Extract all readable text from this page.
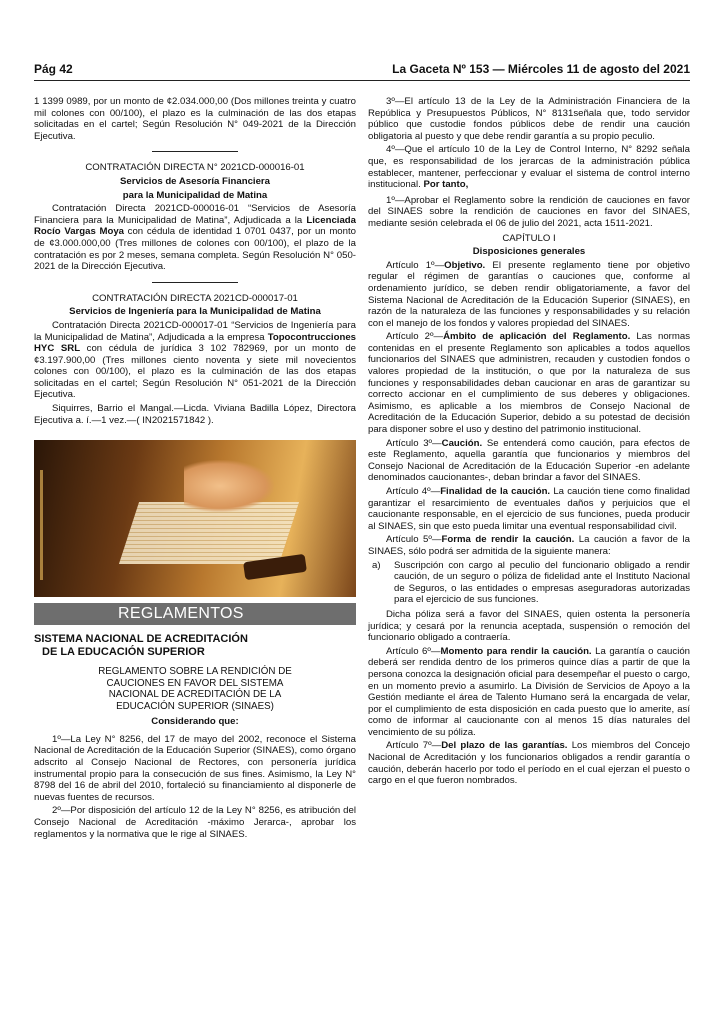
Pág 42	La Gaceta Nº 153 — Miércoles 11 de agosto del 2021

1 1399 0989, por un monto de ¢2.034.000,00 (Dos millones treinta y cuatro mil colones con 00/100), el plazo es la culminación de las dos etapas solicitadas en el cartel; Según Resolución N° 049-2021 de la Dirección Ejecutiva.

CONTRATACIÓN DIRECTA N° 2021CD-000016-01

Servicios de Asesoría Financiera

para la Municipalidad de Matina

Contratación Directa 2021CD-000016-01 “Servicios de Asesoría Financiera para la Municipalidad de Matina”, Adjudicada a la Licenciada Rocío Vargas Moya con cédula de identidad 1 0701 0437, por un monto de ¢3.000.000,00 (Tres millones de colones con 00/100), el plazo de la contratación es por 2 meses, semana completa. Según Resolución N° 050-2021 de la Dirección Ejecutiva.

CONTRATACIÓN DIRECTA 2021CD-000017-01

Servicios de Ingeniería para la Municipalidad de Matina

Contratación Directa 2021CD-000017-01 “Servicios de Ingeniería para la Municipalidad de Matina”, Adjudicada a la empresa Topocontrucciones HYC SRL con cédula de jurídica 3 102 782969, por un monto de ¢3.197.900,00 (Tres millones ciento noventa y siete mil novecientos colones con 00/100), el plazo es la culminación de las dos etapas solicitadas en el cartel; Según Resolución N° 051-2021 de la Dirección Ejecutiva.

Siquirres, Barrio el Mangal.—Licda. Viviana Badilla López, Directora Ejecutiva a. í.—1 vez.—( IN2021571842 ).

REGLAMENTOS
SISTEMA NACIONAL DE ACREDITACIÓN
DE LA EDUCACIÓN SUPERIOR
REGLAMENTO SOBRE LA RENDICIÓN DE CAUCIONES EN FAVOR DEL SISTEMA NACIONAL DE ACREDITACIÓN DE LA EDUCACIÓN SUPERIOR (SINAES)

Considerando que:

1º—La Ley N° 8256, del 17 de mayo del 2002, reconoce el Sistema Nacional de Acreditación de la Educación Superior (SINAES), como órgano adscrito al Consejo Nacional de Rectores, con personería jurídica instrumental propio para la consecución de sus fines. Asimismo, la Ley N° 8798 del 16 de abril del 2010, fortaleció su financiamiento al disponerle de nuevas fuentes de recursos.

2º—Por disposición del artículo 12 de la Ley N° 8256, es atribución del Consejo Nacional de Acreditación -máximo Jerarca-, aprobar los reglamentos y la normativa que le rige al SINAES.

3º—El artículo 13 de la Ley de la Administración Financiera de la República y Presupuestos Públicos, N° 8131señala que, todo servidor público que custodie fondos públicos debe de rendir una caución obligatoria al puesto y que debe rendir garantía a su propio peculio.

4º—Que el artículo 10 de la Ley de Control Interno, N° 8292 señala que, es responsabilidad de los jerarcas de la administración pública establecer, mantener, perfeccionar y evaluar el sistema de control interno institucional. Por tanto,

1º—Aprobar el Reglamento sobre la rendición de cauciones en favor del SINAES sobre la rendición de cauciones en favor del SINAES, mediante sesión celebrada el 06 de julio del 2021, acta 1511-2021.

CAPÍTULO I

Disposiciones generales

Artículo 1º—Objetivo. El presente reglamento tiene por objetivo regular el régimen de garantías o cauciones que, conforme al ordenamiento jurídico, se deben rendir obligatoriamente, a favor del Sistema Nacional de Acreditación de la Educación Superior (SINAES), en razón de la naturaleza de las funciones y responsabilidades y su relación con el manejo de los fondos y valores propiedad del SINAES.

Artículo 2º—Ámbito de aplicación del Reglamento. Las normas contenidas en el presente Reglamento son aplicables a todos aquellos funcionarios del SINAES que administren, recauden y custodien fondos o valores propiedad de la institución, o que por la naturaleza de sus funciones y responsabilidades deban caucionar en aras de garantizar su correcto accionar en el cumplimiento de sus deberes y obligaciones. Asimismo, es aplicable a los miembros de Consejo Nacional de Acreditación de la Educación Superior, debido a su potestad de decisión para disponer sobre el uso y destino del patrimonio institucional.

Artículo 3º—Caución. Se entenderá como caución, para efectos de este Reglamento, aquella garantía que funcionarios y miembros del Consejo Nacional de Acreditación de la Educación Superior -en adelante denominados caucionantes-, deban brindar a favor del SINAES.

Artículo 4º—Finalidad de la caución. La caución tiene como finalidad garantizar el resarcimiento de eventuales daños y perjuicios que el caucionante responsable, en el ejercicio de sus funciones, pueda producir al SINAES, sin que esto pueda limitar una eventual responsabilidad civil.

Artículo 5º—Forma de rendir la caución. La caución a favor de la SINAES, sólo podrá ser admitida de la siguiente manera:

a)	Suscripción con cargo al peculio del funcionario obligado a rendir caución, de un seguro o póliza de fidelidad ante el Instituto Nacional de Seguros, o las entidades o empresas aseguradoras autorizadas para el ejercicio de sus funciones.

Dicha póliza será a favor del SINAES, quien ostenta la personería jurídica; y cesará por la renuncia aceptada, suspensión o remoción del funcionario obligado a contraería.

Artículo 6º—Momento para rendir la caución. La garantía o caución deberá ser rendida dentro de los primeros quince días a partir de que la persona conozca la designación oficial para desempeñar el puesto o cargo, en un momento previo a asumirlo. La División de Servicios de Apoyo a la Gestión mediante el área de Talento Humano será la encargada de velar, por el cumplimiento de esta disposición en cada puesto que lo amerite, así como de informar al caucionante con al menos 15 días naturales del vencimiento de su póliza.

Artículo 7º—Del plazo de las garantías. Los miembros del Concejo Nacional de Acreditación y los funcionarios obligados a rendir garantía o caución, deberán hacerlo por todo el período en el cual ejerzan el puesto o cargo en el que fueron nombrados.
